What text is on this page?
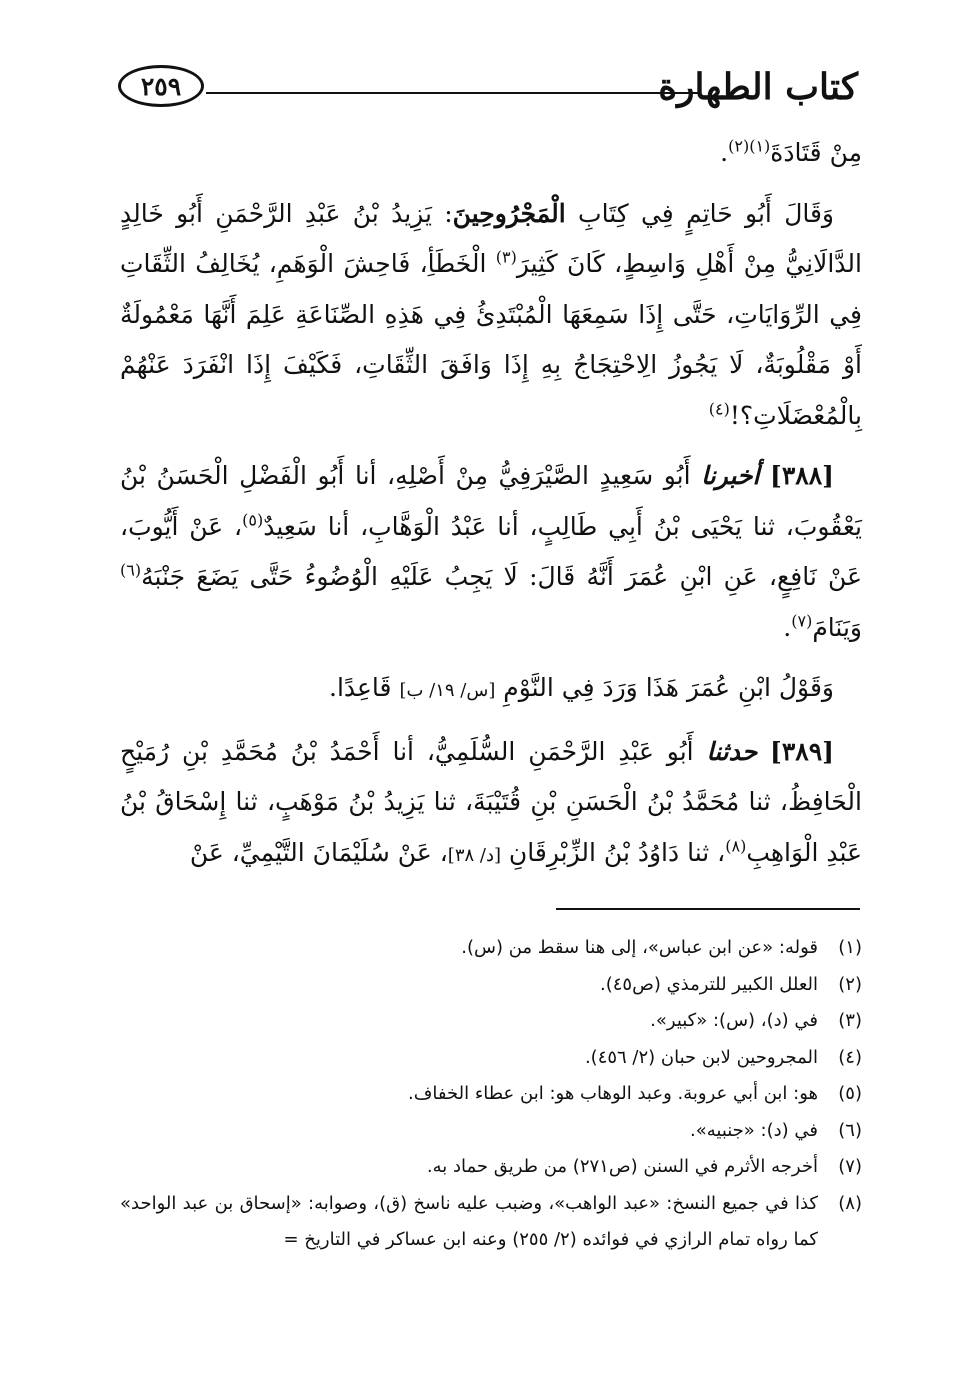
كتاب الطهارة
٢٥٩

مِنْ قَتَادَةَ$^{(١)(٢)}$.

وَقَالَ أَبُو حَاتِمٍ فِي كِتَابِ الْمَجْرُوحِينَ: يَزِيدُ بْنُ عَبْدِ الرَّحْمَنِ أَبُو خَالِدٍ الدَّالَانِيُّ مِنْ أَهْلِ وَاسِطٍ، كَانَ كَثِيرَ$^{(٣)}$ الْخَطَأِ، فَاحِشَ الْوَهَمِ، يُخَالِفُ الثِّقَاتِ فِي الرِّوَايَاتِ، حَتَّى إِذَا سَمِعَهَا الْمُبْتَدِئُ فِي هَذِهِ الصِّنَاعَةِ عَلِمَ أَنَّهَا مَعْمُولَةٌ أَوْ مَقْلُوبَةٌ، لَا يَجُوزُ الِاحْتِجَاجُ بِهِ إِذَا وَافَقَ الثِّقَاتِ، فَكَيْفَ إِذَا انْفَرَدَ عَنْهُمْ بِالْمُعْضَلَاتِ؟!$^{(٤)}$

[٣٨٨] أخبرنا أَبُو سَعِيدٍ الصَّيْرَفِيُّ مِنْ أَصْلِهِ، أنا أَبُو الْفَضْلِ الْحَسَنُ بْنُ يَعْقُوبَ، ثنا يَحْيَى بْنُ أَبِي طَالِبٍ، أنا عَبْدُ الْوَهَّابِ، أنا سَعِيدٌ$^{(٥)}$، عَنْ أَيُّوبَ، عَنْ نَافِعٍ، عَنِ ابْنِ عُمَرَ أَنَّهُ قَالَ: لَا يَجِبُ عَلَيْهِ الْوُضُوءُ حَتَّى يَضَعَ جَنْبَهُ$^{(٦)}$ وَيَنَامَ$^{(٧)}$.

وَقَوْلُ ابْنِ عُمَرَ هَذَا وَرَدَ فِي النَّوْمِ [س/ ١٩/ ب] قَاعِدًا.

[٣٨٩] حدثنا أَبُو عَبْدِ الرَّحْمَنِ السُّلَمِيُّ، أنا أَحْمَدُ بْنُ مُحَمَّدِ بْنِ رُمَيْحٍ الْحَافِظُ، ثنا مُحَمَّدُ بْنُ الْحَسَنِ بْنِ قُتَيْبَةَ، ثنا يَزِيدُ بْنُ مَوْهَبٍ، ثنا إِسْحَاقُ بْنُ عَبْدِ الْوَاهِبِ$^{(٨)}$، ثنا دَاوُدُ بْنُ الزِّبْرِقَانِ [د/ ٣٨]، عَنْ سُلَيْمَانَ التَّيْمِيِّ، عَنْ

(١)
قوله: «عن ابن عباس»، إلى هنا سقط من (س).
(٢)
العلل الكبير للترمذي (ص٤٥).
(٣)
في (د)، (س): «كبير».
(٤)
المجروحين لابن حبان (٢/ ٤٥٦).
(٥)
هو: ابن أبي عروبة. وعبد الوهاب هو: ابن عطاء الخفاف.
(٦)
في (د): «جنبيه».
(٧)
أخرجه الأثرم في السنن (ص٢٧١) من طريق حماد به.
(٨)
كذا في جميع النسخ: «عبد الواهب»، وضبب عليه ناسخ (ق)، وصوابه: «إسحاق بن عبد الواحد» كما رواه تمام الرازي في فوائده (٢/ ٢٥٥) وعنه ابن عساكر في التاريخ =
